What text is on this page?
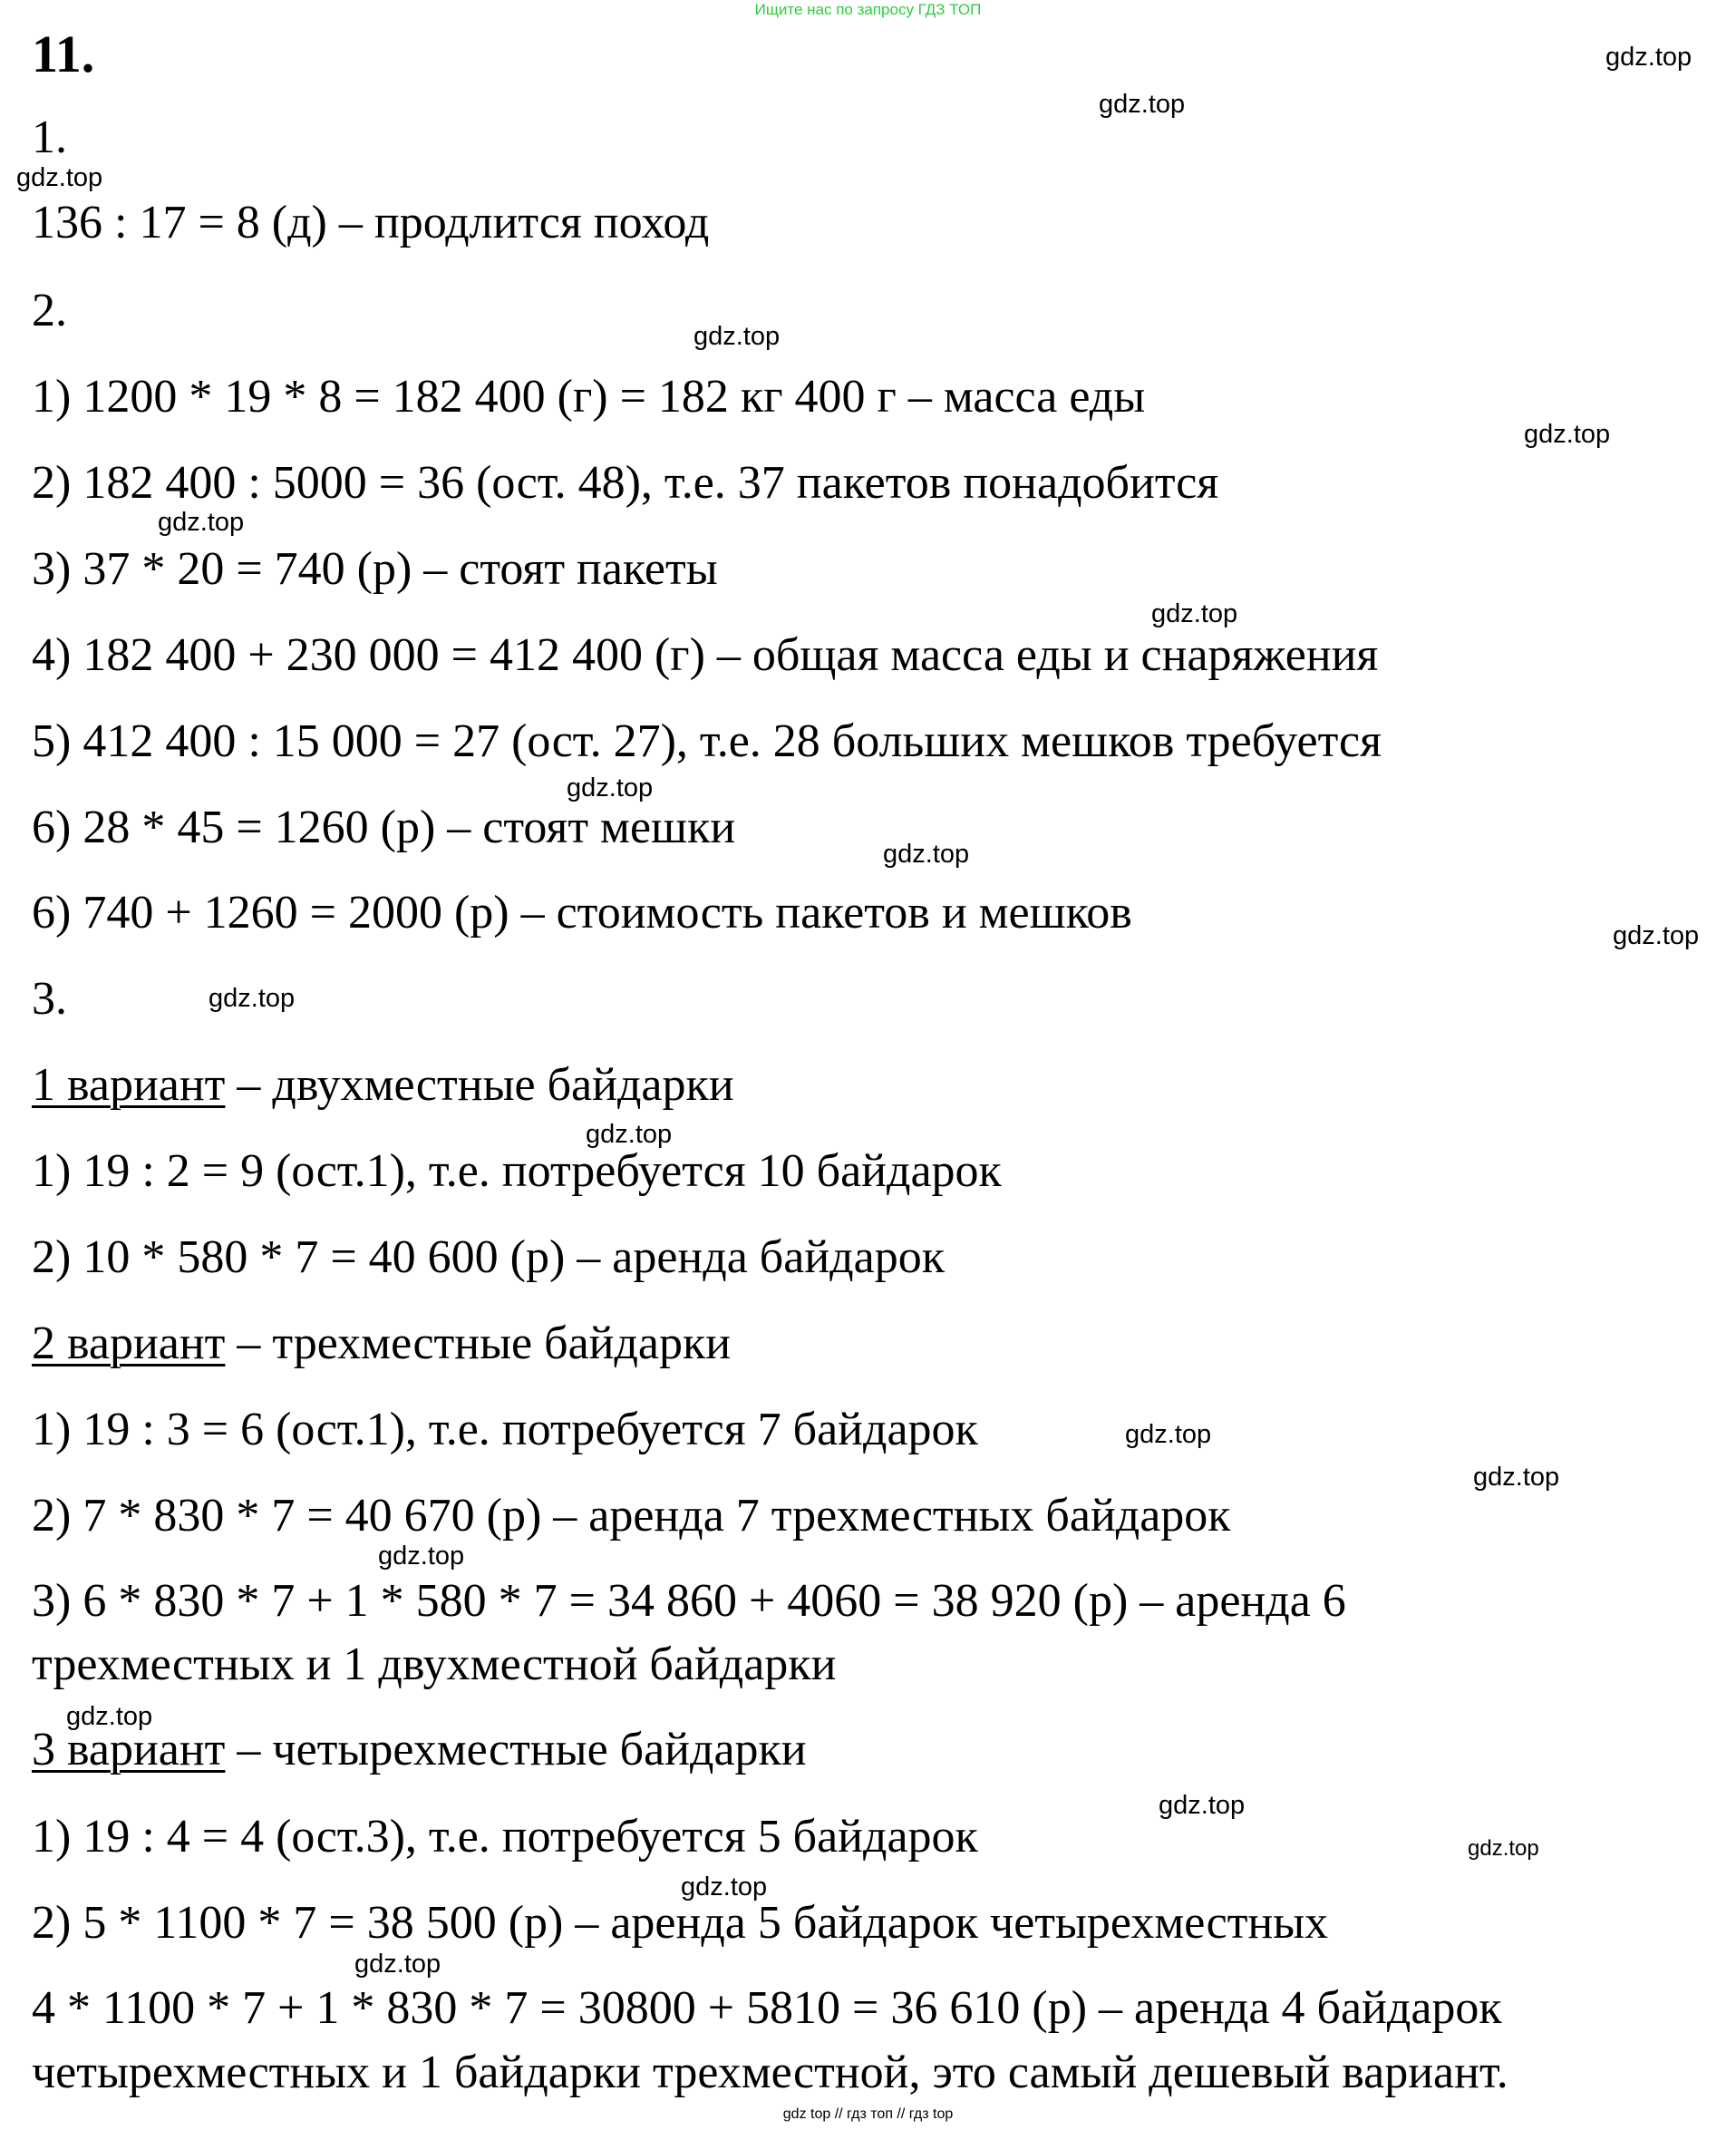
Ищите нас по запросу ГДЗ ТОП
11.
1.
136 : 17 = 8 (д) – продлится поход
2.
1) 1200 * 19 * 8 = 182 400 (г) = 182 кг 400 г – масса еды
2) 182 400 : 5000 = 36 (ост. 48), т.е. 37 пакетов понадобится
3) 37 * 20 = 740 (р) – стоят пакеты
4) 182 400 + 230 000 = 412 400 (г) – общая масса еды и снаряжения
5) 412 400 : 15 000 = 27 (ост. 27), т.е. 28 больших мешков требуется
6) 28 * 45 = 1260 (р) – стоят мешки
6) 740 + 1260 = 2000 (р) – стоимость пакетов и мешков
3.
1 вариант – двухместные байдарки
1) 19 : 2 = 9 (ост.1), т.е. потребуется 10 байдарок
2) 10 * 580 * 7 = 40 600 (р) – аренда байдарок
2 вариант – трехместные байдарки
1) 19 : 3 = 6 (ост.1), т.е. потребуется 7 байдарок
2) 7 * 830 * 7 = 40 670 (р) – аренда 7 трехместных байдарок
3) 6 * 830 * 7 + 1 * 580 * 7 = 34 860 + 4060 = 38 920 (р) – аренда 6
трехместных и 1 двухместной байдарки
3 вариант – четырехместные байдарки
1) 19 : 4 = 4 (ост.3), т.е. потребуется 5 байдарок
2) 5 * 1100 * 7 = 38 500 (р) – аренда 5 байдарок четырехместных
4 * 1100 * 7 + 1 * 830 * 7 = 30800 + 5810 = 36 610 (р) – аренда 4 байдарок
четырехместных и 1 байдарки трехместной, это самый дешевый вариант.
gdz.top
gdz.top
gdz.top
gdz.top
gdz.top
gdz.top
gdz.top
gdz.top
gdz.top
gdz.top
gdz.top
gdz.top
gdz.top
gdz.top
gdz.top
gdz.top
gdz.top
gdz.top
gdz.top
gdz.top
gdz top // гдз топ // гдз top
